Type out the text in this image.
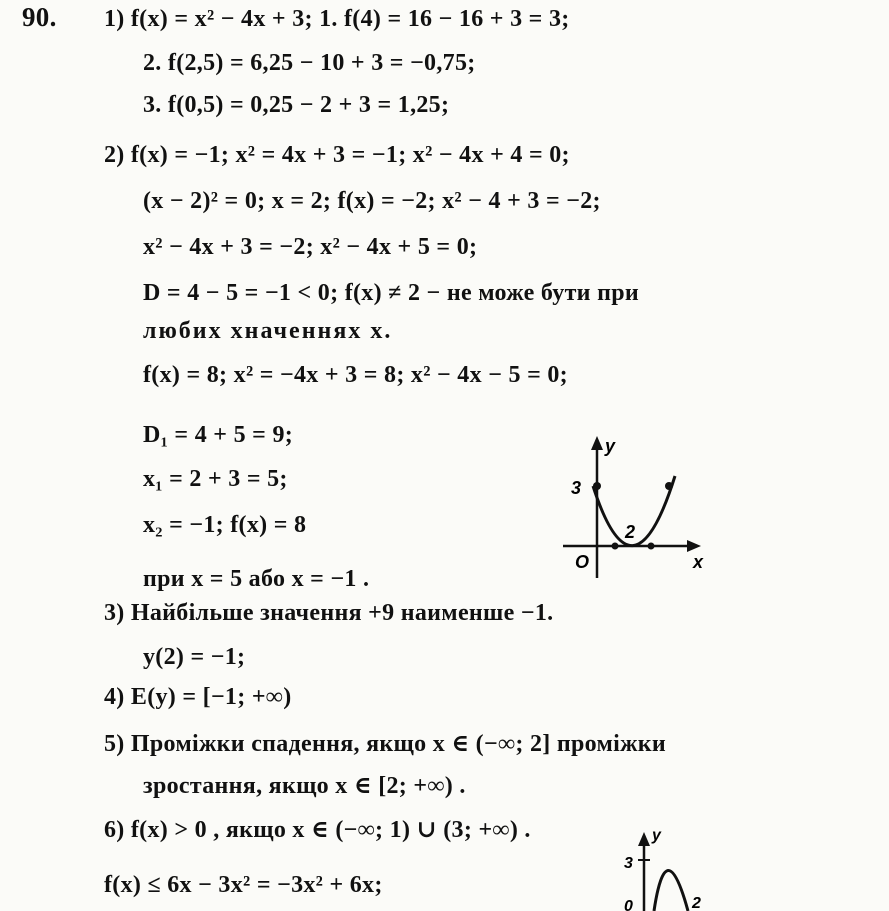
90. 1) f(x) = x² − 4x + 3; 1. f(4) = 16 − 16 + 3 = 3;
2. f(2,5) = 6,25 − 10 + 3 = −0,75;
3. f(0,5) = 0,25 − 2 + 3 = 1,25;
2) f(x) = −1; x² = 4x + 3 = −1; x² − 4x + 4 = 0;
(x − 2)² = 0; x = 2; f(x) = −2; x² − 4 + 3 = −2;
x² − 4x + 3 = −2; x² − 4x + 5 = 0;
D = 4 − 5 = −1 < 0; f(x) ≠ 2 − не може бути при
любих хначеннях x.
f(x) = 8; x² = −4x + 3 = 8; x² − 4x − 5 = 0;
D₁ = 4 + 5 = 9;
x₁ = 2 + 3 = 5;
x₂ = −1; f(x) = 8
при x = 5 або x = −1 .
3) Найбільше значення +9 наименше −1.
y(2) = −1;
4) E(y) = [−1; +∞)
5) Проміжки спадення, якщо x ∈ (−∞; 2] проміжки
зростання, якщо x ∈ [2; +∞) .
6) f(x) > 0 , якщо x ∈ (−∞; 1) ∪ (3; +∞) .
f(x) ≤ 6x − 3x² = −3x² + 6x;
y
x
O
3
2
y
3
0	2
